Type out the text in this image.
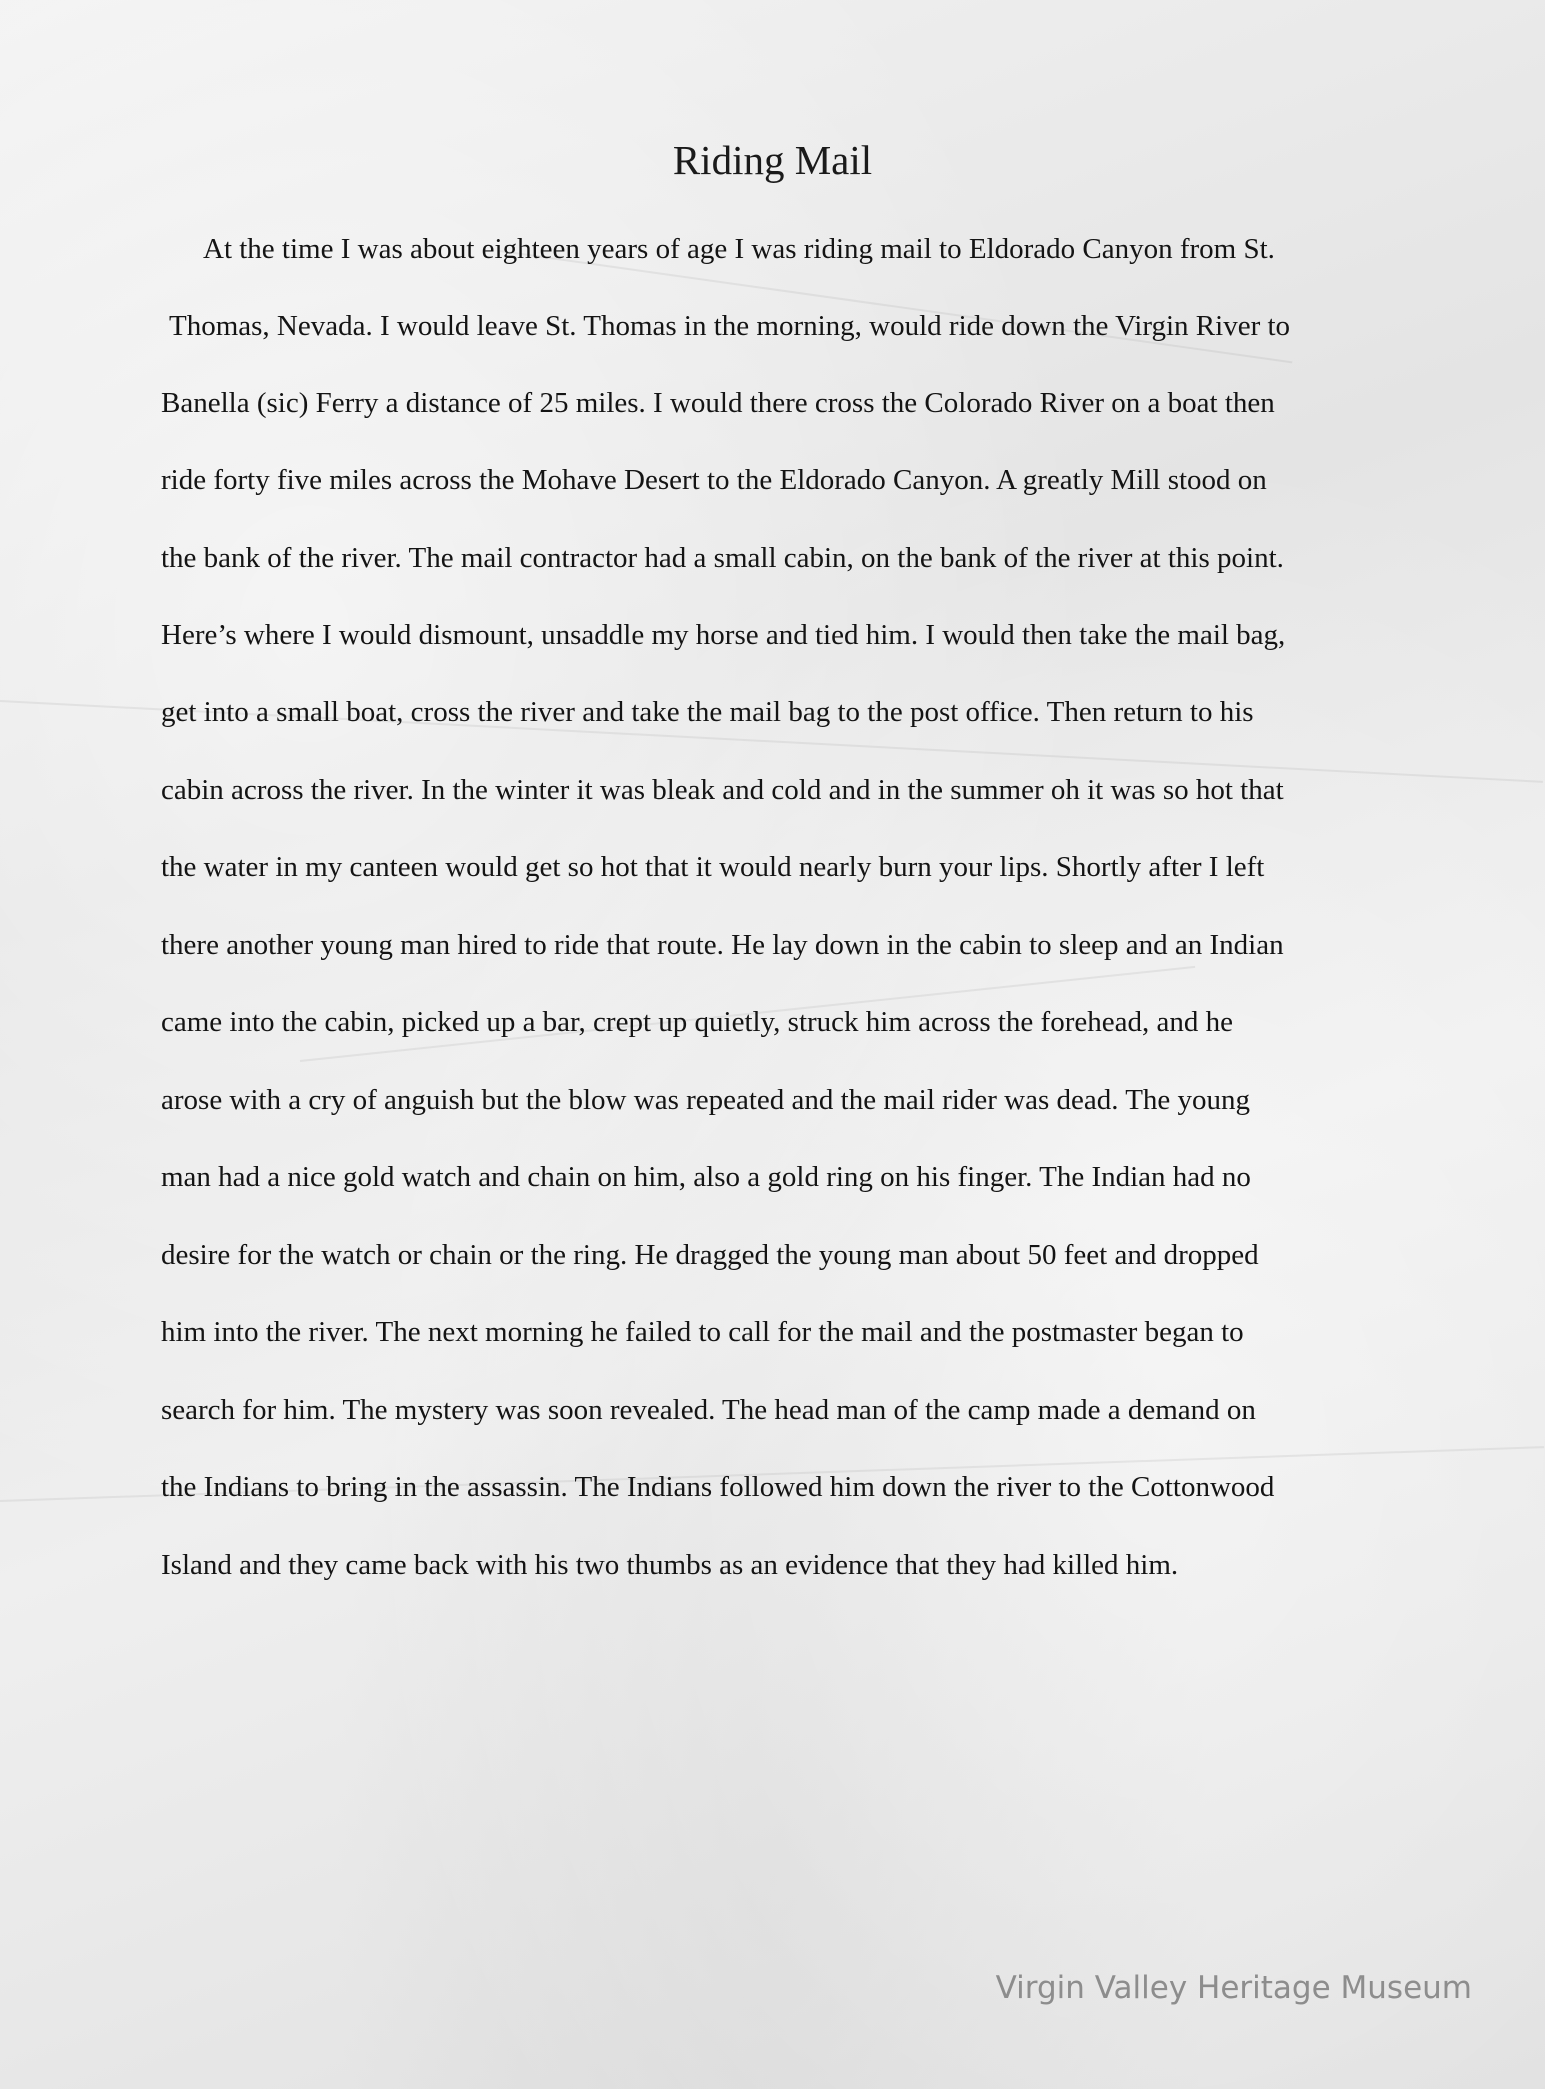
Riding Mail
At the time I was about eighteen years of age I was riding mail to Eldorado Canyon from St.
Thomas, Nevada. I would leave St. Thomas in the morning, would ride down the Virgin River to
Banella (sic) Ferry a distance of 25 miles. I would there cross the Colorado River on a boat then
ride forty five miles across the Mohave Desert to the Eldorado Canyon. A greatly Mill stood on
the bank of the river. The mail contractor had a small cabin, on the bank of the river at this point.
Here’s where I would dismount, unsaddle my horse and tied him. I would then take the mail bag,
get into a small boat, cross the river and take the mail bag to the post office. Then return to his
cabin across the river. In the winter it was bleak and cold and in the summer oh it was so hot that
the water in my canteen would get so hot that it would nearly burn your lips. Shortly after I left
there another young man hired to ride that route. He lay down in the cabin to sleep and an Indian
came into the cabin, picked up a bar, crept up quietly, struck him across the forehead, and he
arose with a cry of anguish but the blow was repeated and the mail rider was dead. The young
man had a nice gold watch and chain on him, also a gold ring on his finger. The Indian had no
desire for the watch or chain or the ring. He dragged the young man about 50 feet and dropped
him into the river. The next morning he failed to call for the mail and the postmaster began to
search for him. The mystery was soon revealed. The head man of the camp made a demand on
the Indians to bring in the assassin. The Indians followed him down the river to the Cottonwood
Island and they came back with his two thumbs as an evidence that they had killed him.
Virgin Valley Heritage Museum
